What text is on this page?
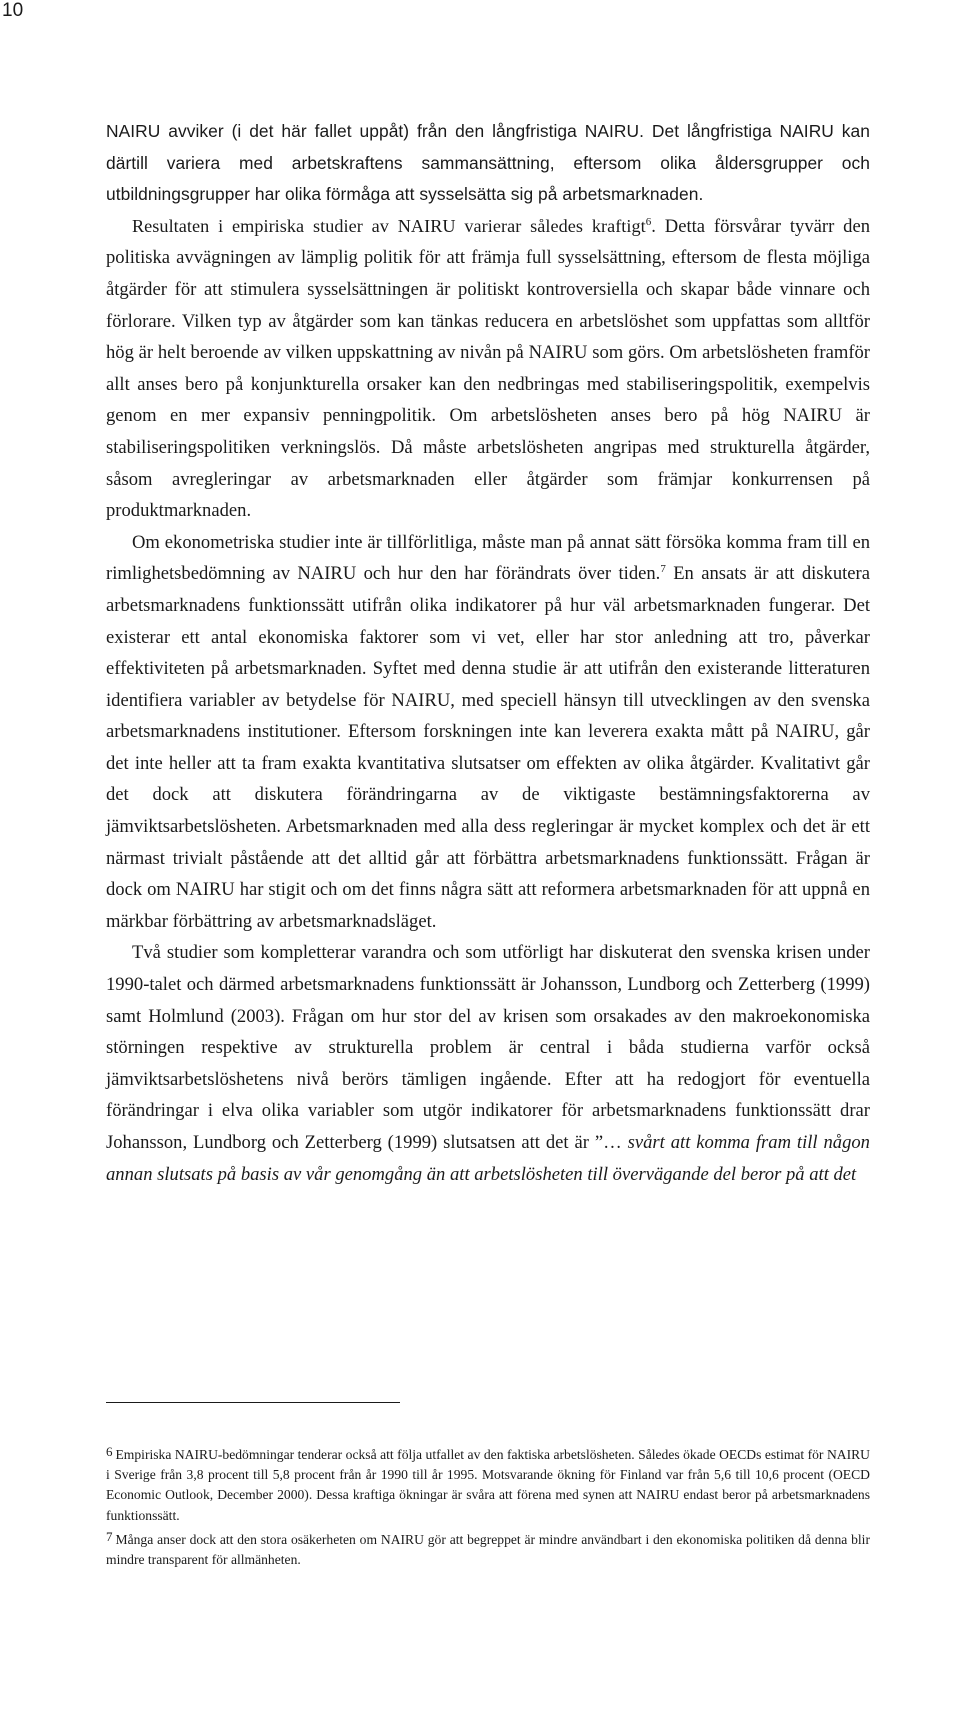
10

NAIRU avviker (i det här fallet uppåt) från den långfristiga NAIRU. Det långfristiga NAIRU kan därtill variera med arbetskraftens sammansättning, eftersom olika åldersgrupper och utbildningsgrupper har olika förmåga att sysselsätta sig på arbetsmarknaden.

Resultaten i empiriska studier av NAIRU varierar således kraftigt$^6$. Detta försvårar tyvärr den politiska avvägningen av lämplig politik för att främja full sysselsättning, eftersom de flesta möjliga åtgärder för att stimulera sysselsättningen är politiskt kontroversiella och skapar både vinnare och förlorare. Vilken typ av åtgärder som kan tänkas reducera en arbetslöshet som uppfattas som alltför hög är helt beroende av vilken uppskattning av nivån på NAIRU som görs. Om arbetslösheten framför allt anses bero på konjunkturella orsaker kan den nedbringas med stabiliseringspolitik, exempelvis genom en mer expansiv penningpolitik. Om arbetslösheten anses bero på hög NAIRU är stabiliseringspolitiken verkningslös. Då måste arbetslösheten angripas med strukturella åtgärder, såsom avregleringar av arbetsmarknaden eller åtgärder som främjar konkurrensen på produktmarknaden.

Om ekonometriska studier inte är tillförlitliga, måste man på annat sätt försöka komma fram till en rimlighetsbedömning av NAIRU och hur den har förändrats över tiden.$^7$ En ansats är att diskutera arbetsmarknadens funktionssätt utifrån olika indikatorer på hur väl arbetsmarknaden fungerar. Det existerar ett antal ekonomiska faktorer som vi vet, eller har stor anledning att tro, påverkar effektiviteten på arbetsmarknaden. Syftet med denna studie är att utifrån den existerande litteraturen identifiera variabler av betydelse för NAIRU, med speciell hänsyn till utvecklingen av den svenska arbetsmarknadens institutioner. Eftersom forskningen inte kan leverera exakta mått på NAIRU, går det inte heller att ta fram exakta kvantitativa slutsatser om effekten av olika åtgärder. Kvalitativt går det dock att diskutera förändringarna av de viktigaste bestämningsfaktorerna av jämviktsarbetslösheten. Arbetsmarknaden med alla dess regleringar är mycket komplex och det är ett närmast trivialt påstående att det alltid går att förbättra arbetsmarknadens funktionssätt. Frågan är dock om NAIRU har stigit och om det finns några sätt att reformera arbetsmarknaden för att uppnå en märkbar förbättring av arbetsmarknadsläget.

Två studier som kompletterar varandra och som utförligt har diskuterat den svenska krisen under 1990-talet och därmed arbetsmarknadens funktionssätt är Johansson, Lundborg och Zetterberg (1999) samt Holmlund (2003). Frågan om hur stor del av krisen som orsakades av den makroekonomiska störningen respektive av strukturella problem är central i båda studierna varför också jämviktsarbetslöshetens nivå berörs tämligen ingående. Efter att ha redogjort för eventuella förändringar i elva olika variabler som utgör indikatorer för arbetsmarknadens funktionssätt drar Johansson, Lundborg och Zetterberg (1999) slutsatsen att det är ”… svårt att komma fram till någon annan slutsats på basis av vår genomgång än att arbetslösheten till övervägande del beror på att det

$^6$ Empiriska NAIRU-bedömningar tenderar också att följa utfallet av den faktiska arbetslösheten. Således ökade OECDs estimat för NAIRU i Sverige från 3,8 procent till 5,8 procent från år 1990 till år 1995. Motsvarande ökning för Finland var från 5,6 till 10,6 procent (OECD Economic Outlook, December 2000). Dessa kraftiga ökningar är svåra att förena med synen att NAIRU endast beror på arbetsmarknadens funktionssätt.

$^7$ Många anser dock att den stora osäkerheten om NAIRU gör att begreppet är mindre användbart i den ekonomiska politiken då denna blir mindre transparent för allmänheten.
